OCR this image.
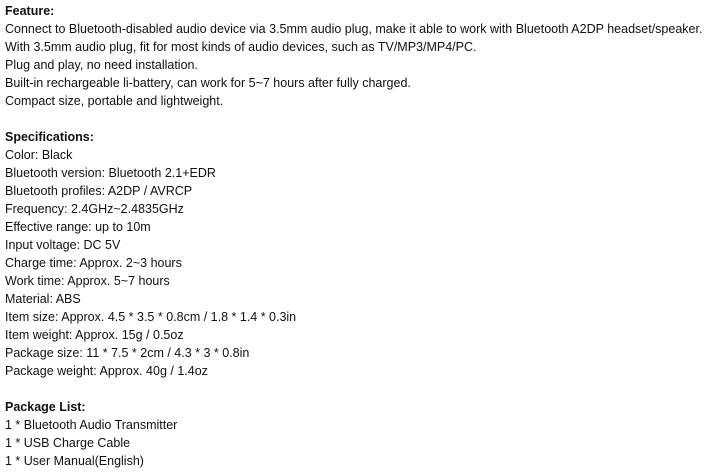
Feature:
Connect to Bluetooth-disabled audio device via 3.5mm audio plug, make it able to work with Bluetooth A2DP headset/speaker.
With 3.5mm audio plug, fit for most kinds of audio devices, such as TV/MP3/MP4/PC.
Plug and play, no need installation.
Built-in rechargeable li-battery, can work for 5~7 hours after fully charged.
Compact size, portable and lightweight.
Specifications:
Color: Black
Bluetooth version: Bluetooth 2.1+EDR
Bluetooth profiles: A2DP / AVRCP
Frequency: 2.4GHz~2.4835GHz
Effective range: up to 10m
Input voltage: DC 5V
Charge time: Approx. 2~3 hours
Work time: Approx. 5~7 hours
Material: ABS
Item size: Approx. 4.5 * 3.5 * 0.8cm / 1.8 * 1.4 * 0.3in
Item weight: Approx. 15g / 0.5oz
Package size: 11 * 7.5 * 2cm / 4.3 * 3 * 0.8in
Package weight: Approx. 40g / 1.4oz
Package List:
1 * Bluetooth Audio Transmitter
1 * USB Charge Cable
1 * User Manual(English)
